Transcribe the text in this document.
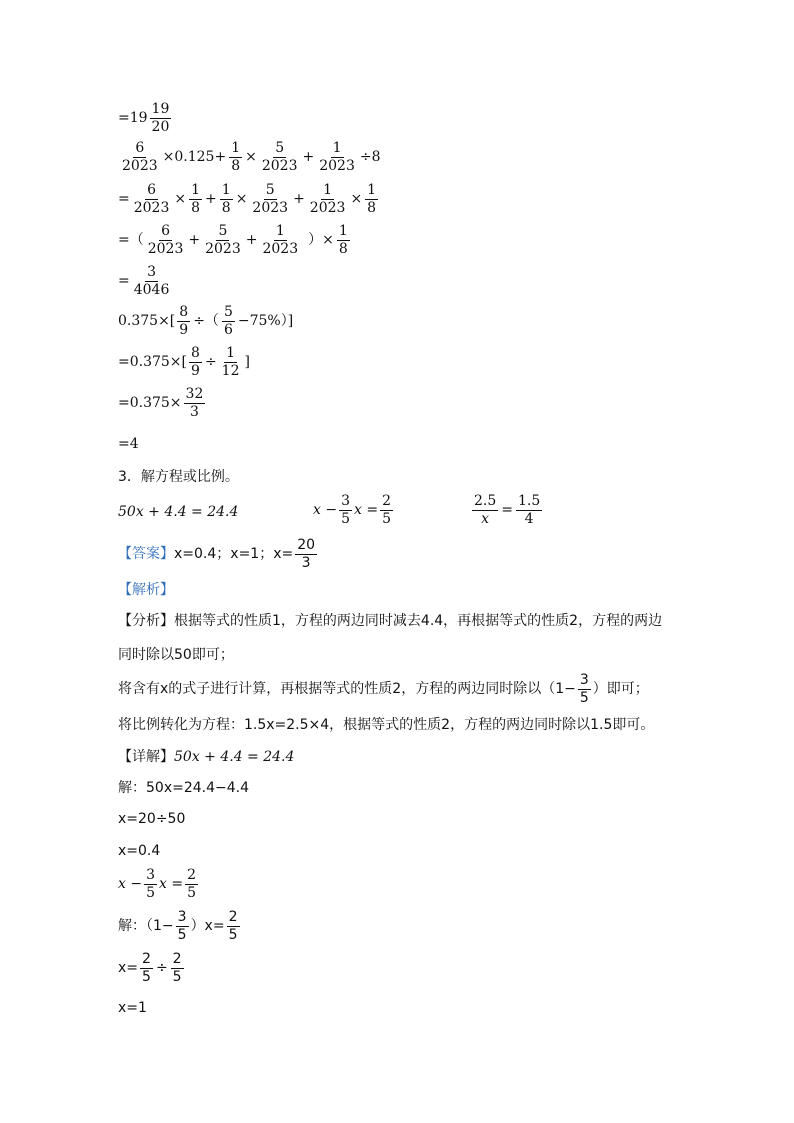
$=19 \frac{19}{20}$
$\frac{6}{2023} \times 0.125+ \frac{1}{8} \times \frac{5}{2023} + \frac{1}{2023} \div 8$
= $\frac{6}{2023} \times \frac{1}{8} + \frac{1}{8} \times \frac{5}{2023} + \frac{1}{2023} \times \frac{1}{8}$
=（ $\frac{6}{2023} + \frac{5}{2023} + \frac{1}{2023}$ ）× $\frac{1}{8}$
= $\frac{3}{4046}$
$0.375\times[ \frac{8}{9}$ ÷（ $\frac{5}{6} -75\%$）]
$=0.375\times[ \frac{8}{9} \div \frac{1}{12}$ ]
$=0.375\times \frac{32}{3}$
=4
3．解方程或比例。
50x + 4.4 = 24.4	$x - \frac{3}{5}$ $x = \frac{2}{5}$	$\frac{2.5}{x} = \frac{1.5}{4}$
【答案】 x=0.4；x=1；$x= \frac{20}{3}$
【解析】
【分析】 根据等式的性质1，方程的两边同时减去4.4，再根据等式的性质2，方程的两边
同时除以50即可；
将含有x的式子进行计算，再根据等式的性质2，方程的两边同时除以（$1- \frac{3}{5}$ ）即可；
将比例转化为方程：1.5x=2.5×4，根据等式的性质2，方程的两边同时除以1.5即可。
【详解】 50x + 4.4 = 24.4
解：50x=24.4−4.4
x=20÷50
x=0.4
$x - \frac{3}{5}$ $x = \frac{2}{5}$
解：$(1- \frac{3}{5} )x= \frac{2}{5}$
$x= \frac{2}{5} \div \frac{2}{5}$
x=1
